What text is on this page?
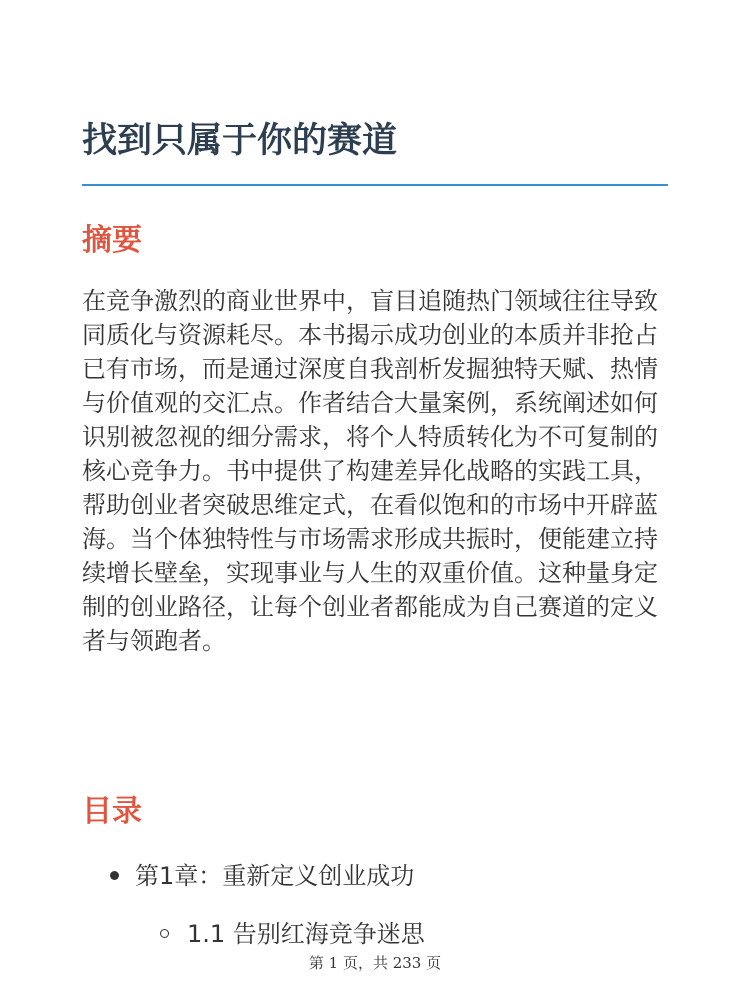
找到只属于你的赛道
摘要

在竞争激烈的商业世界中，盲目追随热门领域往往导致同质化与资源耗尽。本书揭示成功创业的本质并非抢占已有市场，而是通过深度自我剖析发掘独特天赋、热情与价值观的交汇点。作者结合大量案例，系统阐述如何识别被忽视的细分需求，将个人特质转化为不可复制的核心竞争力。书中提供了构建差异化战略的实践工具，帮助创业者突破思维定式，在看似饱和的市场中开辟蓝海。当个体独特性与市场需求形成共振时，便能建立持续增长壁垒，实现事业与人生的双重价值。这种量身定制的创业路径，让每个创业者都能成为自己赛道的定义者与领跑者。

目录
第1章：重新定义创业成功
1.1 告别红海竞争迷思
第 1 页，共 233 页
